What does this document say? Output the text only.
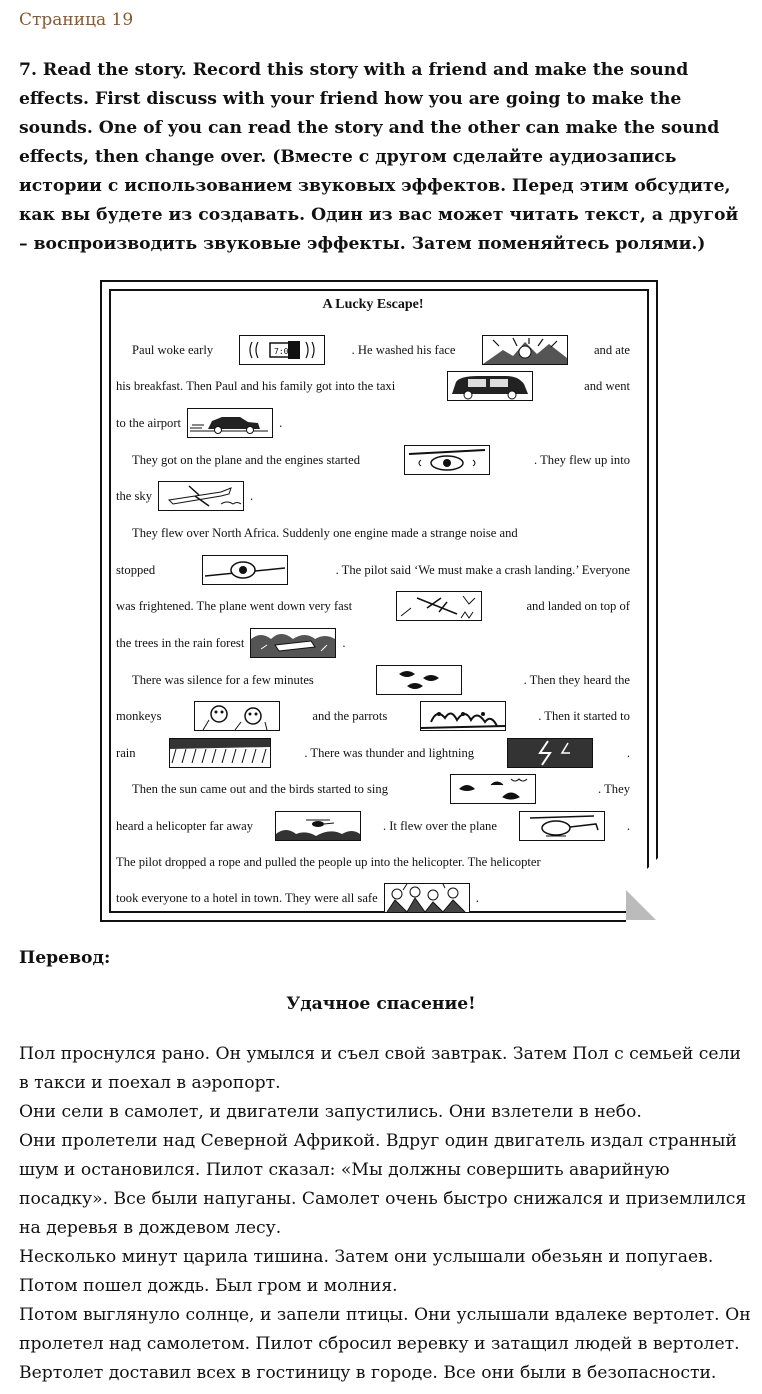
Страница 19
7. Read the story. Record this story with a friend and make the sound effects. First discuss with your friend how you are going to make the sounds. One of you can read the story and the other can make the sound effects, then change over. (Вместе с другом сделайте аудиозапись истории с использованием звуковых эффектов. Перед этим обсудите, как вы будете из создавать. Один из вас может читать текст, а другой – воспроизводить звуковые эффекты. Затем поменяйтесь ролями.)
A Lucky Escape!
Paul woke early	7:00	. He washed his face	and ate
his breakfast. Then Paul and his family got into the taxi	and went
to the airport	.
They got on the plane and the engines started	. They flew up into
the sky	.
They flew over North Africa. Suddenly one engine made a strange noise and
stopped	. The pilot said ‘We must make a crash landing.’ Everyone
was frightened. The plane went down very fast	and landed on top of
the trees in the rain forest	.
There was silence for a few minutes	. Then they heard the
monkeys	and the parrots	. Then it started to
rain	. There was thunder and lightning	.
Then the sun came out and the birds started to sing	. They
heard a helicopter far away	. It flew over the plane	.
The pilot dropped a rope and pulled the people up into the helicopter. The helicopter
took everyone to a hotel in town. They were all safe	.
Перевод:
Удачное спасение!

Пол проснулся рано. Он умылся и съел свой завтрак. Затем Пол с семьей сели в такси и поехал в аэропорт.

Они сели в самолет, и двигатели запустились. Они взлетели в небо.

Они пролетели над Северной Африкой. Вдруг один двигатель издал странный шум и остановился. Пилот сказал: «Мы должны совершить аварийную посадку». Все были напуганы. Самолет очень быстро снижался и приземлился на деревья в дождевом лесу.

Несколько минут царила тишина. Затем они услышали обезьян и попугаев. Потом пошел дождь. Был гром и молния.

Потом выглянуло солнце, и запели птицы. Они услышали вдалеке вертолет. Он пролетел над самолетом. Пилот сбросил веревку и затащил людей в вертолет. Вертолет доставил всех в гостиницу в городе. Все они были в безопасности.
